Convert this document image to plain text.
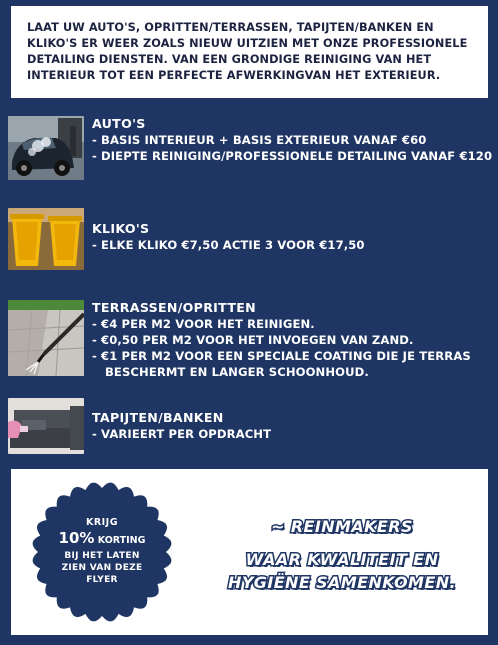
LAAT UW AUTO'S, OPRITTEN/TERRASSEN, TAPIJTEN/BANKEN EN

KLIKO'S ER WEER ZOALS NIEUW UITZIEN MET ONZE PROFESSIONELE

DETAILING DIENSTEN. VAN EEN GRONDIGE REINIGING VAN HET

INTERIEUR TOT EEN PERFECTE AFWERKINGVAN HET EXTERIEUR.

AUTO'S
- BASIS INTERIEUR + BASIS EXTERIEUR VANAF €60
- DIEPTE REINIGING/PROFESSIONELE DETAILING VANAF €120
KLIKO'S
- ELKE KLIKO €7,50 ACTIE 3 VOOR €17,50
TERRASSEN/OPRITTEN
- €4 PER M2 VOOR HET REINIGEN.
- €0,50 PER M2 VOOR HET INVOEGEN VAN ZAND.
- €1 PER M2 VOOR EEN SPECIALE COATING DIE JE TERRAS
BESCHERMT EN LANGER SCHOONHOUD.
TAPIJTEN/BANKEN
- VARIEERT PER OPDRACHT
KRIJG
10% KORTING
BIJ HET LATEN
ZIEN VAN DEZE
FLYER
~ REINMAKERS
WAAR KWALITEIT EN
HYGIËNE SAMENKOMEN.
